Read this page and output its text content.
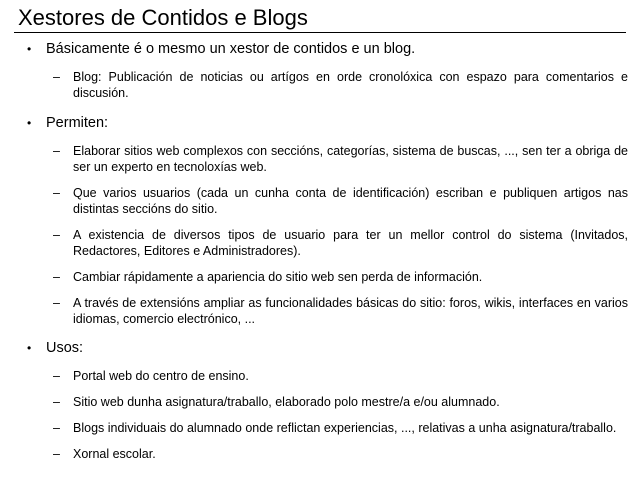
Xestores de Contidos e Blogs
• Básicamente é o mesmo un xestor de contidos e un blog.
– Blog: Publicación de noticias ou artígos en orde cronolóxica con espazo para comentarios e discusión.
• Permiten:
– Elaborar sitios web complexos con seccións, categorías, sistema de buscas, ..., sen ter a obriga de ser un experto en tecnoloxías web.
– Que varios usuarios (cada un cunha conta de identificación) escriban e publiquen artigos nas distintas seccións do sitio.
– A existencia de diversos tipos de usuario para ter un mellor control do sistema (Invitados, Redactores, Editores e Administradores).
– Cambiar rápidamente a apariencia do sitio web sen perda de información.
– A través de extensións ampliar as funcionalidades básicas do sitio: foros, wikis, interfaces en varios idiomas, comercio electrónico, ...
• Usos:
– Portal web do centro de ensino.
– Sitio web dunha asignatura/traballo, elaborado polo mestre/a e/ou alumnado.
– Blogs individuais do alumnado onde reflictan experiencias, ..., relativas a unha asignatura/traballo.
– Xornal escolar.
